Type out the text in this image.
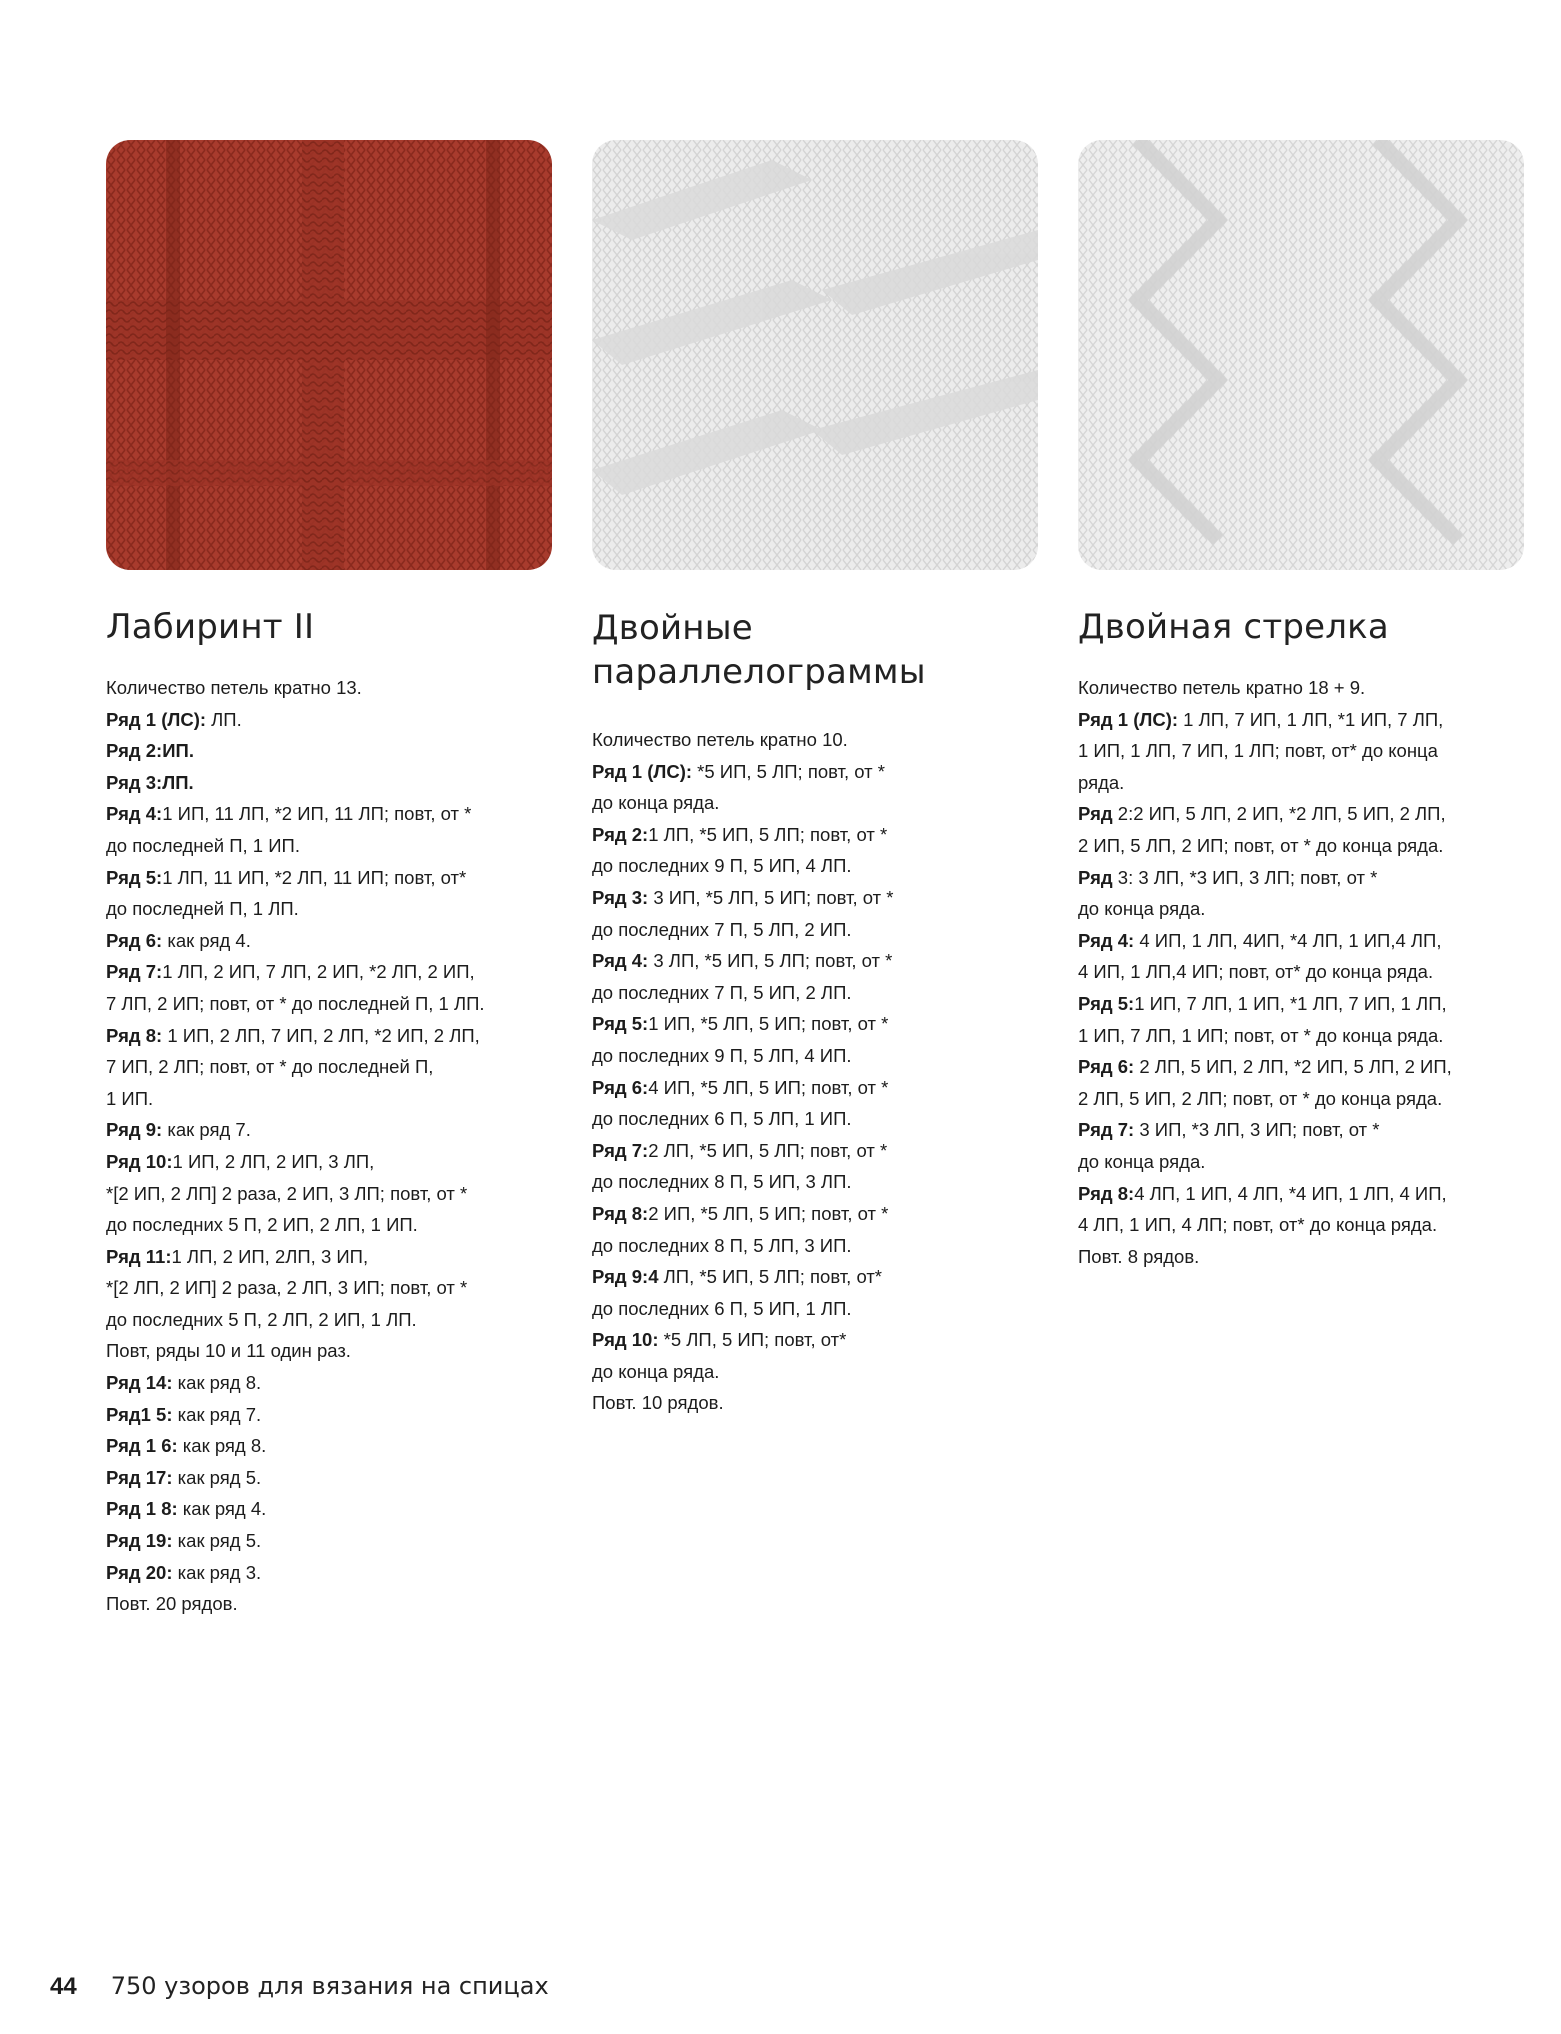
Лабиринт II
Количество петель кратно 13.
Ряд 1 (ЛС): ЛП.
Ряд 2:ИП.
Ряд 3:ЛП.
Ряд 4:1 ИП, 11 ЛП, *2 ИП, 11 ЛП; повт, от *
до последней П, 1 ИП.
Ряд 5:1 ЛП, 11 ИП, *2 ЛП, 11 ИП; повт, от*
до последней П, 1 ЛП.
Ряд 6: как ряд 4.
Ряд 7:1 ЛП, 2 ИП, 7 ЛП, 2 ИП, *2 ЛП, 2 ИП,
7 ЛП, 2 ИП; повт, от * до последней П, 1 ЛП.
Ряд 8: 1 ИП, 2 ЛП, 7 ИП, 2 ЛП, *2 ИП, 2 ЛП,
7 ИП, 2 ЛП; повт, от * до последней П,
1 ИП.
Ряд 9: как ряд 7.
Ряд 10:1 ИП, 2 ЛП, 2 ИП, 3 ЛП,
*[2 ИП, 2 ЛП] 2 раза, 2 ИП, 3 ЛП; повт, от *
до последних 5 П, 2 ИП, 2 ЛП, 1 ИП.
Ряд 11:1 ЛП, 2 ИП, 2ЛП, 3 ИП,
*[2 ЛП, 2 ИП] 2 раза, 2 ЛП, 3 ИП; повт, от *
до последних 5 П, 2 ЛП, 2 ИП, 1 ЛП.
Повт, ряды 10 и 11 один раз.
Ряд 14: как ряд 8.
Ряд1 5: как ряд 7.
Ряд 1 6: как ряд 8.
Ряд 17: как ряд 5.
Ряд 1 8: как ряд 4.
Ряд 19: как ряд 5.
Ряд 20: как ряд 3.
Повт. 20 рядов.
Двойные
параллелограммы
Количество петель кратно 10.
Ряд 1 (ЛС): *5 ИП, 5 ЛП; повт, от *
до конца ряда.
Ряд 2:1 ЛП, *5 ИП, 5 ЛП; повт, от *
до последних 9 П, 5 ИП, 4 ЛП.
Ряд 3: 3 ИП, *5 ЛП, 5 ИП; повт, от *
до последних 7 П, 5 ЛП, 2 ИП.
Ряд 4: 3 ЛП, *5 ИП, 5 ЛП; повт, от *
до последних 7 П, 5 ИП, 2 ЛП.
Ряд 5:1 ИП, *5 ЛП, 5 ИП; повт, от *
до последних 9 П, 5 ЛП, 4 ИП.
Ряд 6:4 ИП, *5 ЛП, 5 ИП; повт, от *
до последних 6 П, 5 ЛП, 1 ИП.
Ряд 7:2 ЛП, *5 ИП, 5 ЛП; повт, от *
до последних 8 П, 5 ИП, 3 ЛП.
Ряд 8:2 ИП, *5 ЛП, 5 ИП; повт, от *
до последних 8 П, 5 ЛП, 3 ИП.
Ряд 9:4 ЛП, *5 ИП, 5 ЛП; повт, от*
до последних 6 П, 5 ИП, 1 ЛП.
Ряд 10: *5 ЛП, 5 ИП; повт, от*
до конца ряда.
Повт. 10 рядов.
Двойная стрелка
Количество петель кратно 18 + 9.
Ряд 1 (ЛС): 1 ЛП, 7 ИП, 1 ЛП, *1 ИП, 7 ЛП,
1 ИП, 1 ЛП, 7 ИП, 1 ЛП; повт, от* до конца
ряда.
Ряд 2:2 ИП, 5 ЛП, 2 ИП, *2 ЛП, 5 ИП, 2 ЛП,
2 ИП, 5 ЛП, 2 ИП; повт, от * до конца ряда.
Ряд 3: 3 ЛП, *3 ИП, 3 ЛП; повт, от *
до конца ряда.
Ряд 4: 4 ИП, 1 ЛП, 4ИП, *4 ЛП, 1 ИП,4 ЛП,
4 ИП, 1 ЛП,4 ИП; повт, от* до конца ряда.
Ряд 5:1 ИП, 7 ЛП, 1 ИП, *1 ЛП, 7 ИП, 1 ЛП,
1 ИП, 7 ЛП, 1 ИП; повт, от * до конца ряда.
Ряд 6: 2 ЛП, 5 ИП, 2 ЛП, *2 ИП, 5 ЛП, 2 ИП,
2 ЛП, 5 ИП, 2 ЛП; повт, от * до конца ряда.
Ряд 7: 3 ИП, *3 ЛП, 3 ИП; повт, от *
до конца ряда.
Ряд 8:4 ЛП, 1 ИП, 4 ЛП, *4 ИП, 1 ЛП, 4 ИП,
4 ЛП, 1 ИП, 4 ЛП; повт, от* до конца ряда.
Повт. 8 рядов.
44 750 узоров для вязания на спицах
